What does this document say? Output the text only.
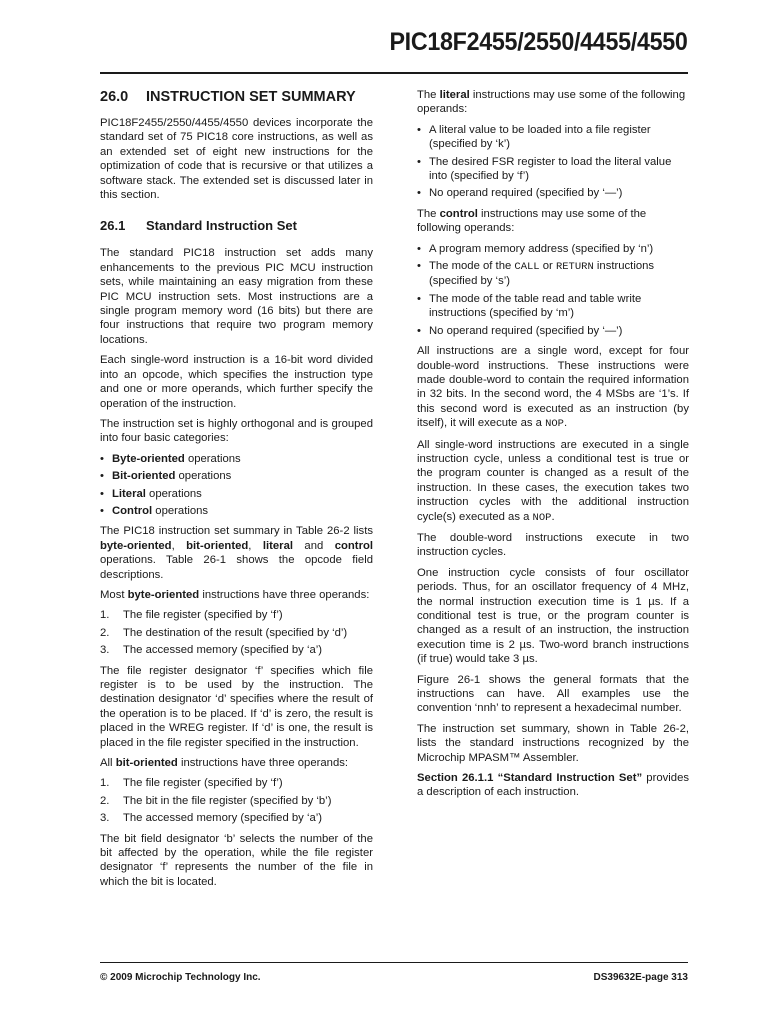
PIC18F2455/2550/4455/4550
26.0 INSTRUCTION SET SUMMARY

PIC18F2455/2550/4455/4550 devices incorporate the standard set of 75 PIC18 core instructions, as well as an extended set of eight new instructions for the optimization of code that is recursive or that utilizes a software stack. The extended set is discussed later in this section.

26.1 Standard Instruction Set

The standard PIC18 instruction set adds many enhancements to the previous PIC MCU instruction sets, while maintaining an easy migration from these PIC MCU instruction sets. Most instructions are a single program memory word (16 bits) but there are four instructions that require two program memory locations.

Each single-word instruction is a 16-bit word divided into an opcode, which specifies the instruction type and one or more operands, which further specify the operation of the instruction.

The instruction set is highly orthogonal and is grouped into four basic categories:

• Byte-oriented operations
• Bit-oriented operations
• Literal operations
• Control operations

The PIC18 instruction set summary in Table 26-2 lists byte-oriented, bit-oriented, literal and control operations. Table 26-1 shows the opcode field descriptions.

Most byte-oriented instructions have three operands:

1. The file register (specified by ‘f’)
2. The destination of the result (specified by ‘d’)
3. The accessed memory (specified by ‘a’)

The file register designator ‘f’ specifies which file register is to be used by the instruction. The destination designator ‘d’ specifies where the result of the operation is to be placed. If ‘d’ is zero, the result is placed in the WREG register. If ‘d’ is one, the result is placed in the file register specified in the instruction.

All bit-oriented instructions have three operands:

1. The file register (specified by ‘f’)
2. The bit in the file register (specified by ‘b’)
3. The accessed memory (specified by ‘a’)

The bit field designator ‘b’ selects the number of the bit affected by the operation, while the file register designator ‘f’ represents the number of the file in which the bit is located.

The literal instructions may use some of the following operands:

• A literal value to be loaded into a file register (specified by ‘k’)
• The desired FSR register to load the literal value into (specified by ‘f’)
• No operand required (specified by ‘—’)

The control instructions may use some of the following operands:

• A program memory address (specified by ‘n’)
• The mode of the CALL or RETURN instructions (specified by ‘s’)
• The mode of the table read and table write instructions (specified by ‘m’)
• No operand required (specified by ‘—’)

All instructions are a single word, except for four double-word instructions. These instructions were made double-word to contain the required information in 32 bits. In the second word, the 4 MSbs are ‘1’s. If this second word is executed as an instruction (by itself), it will execute as a NOP.

All single-word instructions are executed in a single instruction cycle, unless a conditional test is true or the program counter is changed as a result of the instruction. In these cases, the execution takes two instruction cycles with the additional instruction cycle(s) executed as a NOP.

The double-word instructions execute in two instruction cycles.

One instruction cycle consists of four oscillator periods. Thus, for an oscillator frequency of 4 MHz, the normal instruction execution time is 1 µs. If a conditional test is true, or the program counter is changed as a result of an instruction, the instruction execution time is 2 µs. Two-word branch instructions (if true) would take 3 µs.

Figure 26-1 shows the general formats that the instructions can have. All examples use the convention ‘nnh’ to represent a hexadecimal number.

The instruction set summary, shown in Table 26-2, lists the standard instructions recognized by the Microchip MPASM™ Assembler.

Section 26.1.1 “Standard Instruction Set” provides a description of each instruction.

© 2009 Microchip Technology Inc.	DS39632E-page 313
